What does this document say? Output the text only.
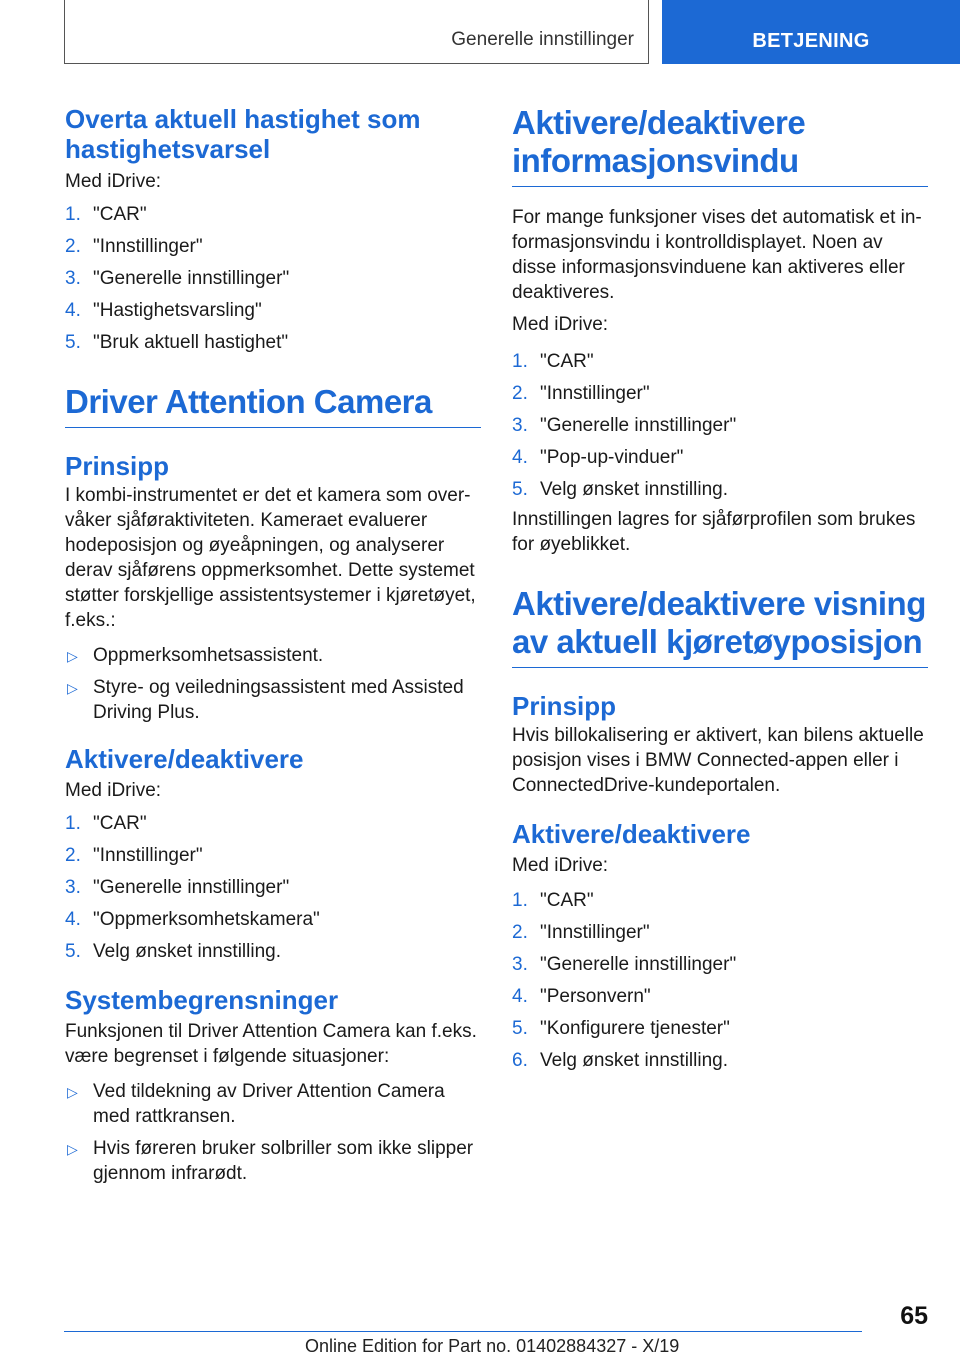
Generelle innstillinger	BETJENING
Overta aktuell hastighet som hastighetsvarsel

Med iDrive:

1. "CAR"
2. "Innstillinger"
3. "Generelle innstillinger"
4. "Hastighetsvarsling"
5. "Bruk aktuell hastighet"
Driver Attention Camera
Prinsipp

I kombi-instrumentet er det et kamera som overvåker sjåføraktiviteten. Kameraet evaluerer hodeposisjon og øyeåpningen, og analyserer derav sjåførens oppmerksomhet. Dette systemet støtter forskjellige assistentsystemer i kjøretøyet, f.eks.:

▷ Oppmerksomhetsassistent.
▷ Styre- og veiledningsassistent med Assisted Driving Plus.
Aktivere/deaktivere

Med iDrive:

1. "CAR"
2. "Innstillinger"
3. "Generelle innstillinger"
4. "Oppmerksomhetskamera"
5. Velg ønsket innstilling.
Systembegrensninger

Funksjonen til Driver Attention Camera kan f.eks. være begrenset i følgende situasjoner:

▷ Ved tildekning av Driver Attention Camera med rattkransen.
▷ Hvis føreren bruker solbriller som ikke slipper gjennom infrarødt.
Aktivere/deaktivere informasjonsvindu

For mange funksjoner vises det automatisk et informasjonsvindu i kontrolldisplayet. Noen av disse informasjonsvinduene kan aktiveres eller deaktiveres.

Med iDrive:

1. "CAR"
2. "Innstillinger"
3. "Generelle innstillinger"
4. "Pop-up-vinduer"
5. Velg ønsket innstilling.

Innstillingen lagres for sjåførprofilen som brukes for øyeblikket.

Aktivere/deaktivere visning av aktuell kjøretøyposisjon
Prinsipp

Hvis billokalisering er aktivert, kan bilens aktuelle posisjon vises i BMW Connected-appen eller i ConnectedDrive-kundeportalen.

Aktivere/deaktivere

Med iDrive:

1. "CAR"
2. "Innstillinger"
3. "Generelle innstillinger"
4. "Personvern"
5. "Konfigurere tjenester"
6. Velg ønsket innstilling.
65
Online Edition for Part no. 01402884327 - X/19
